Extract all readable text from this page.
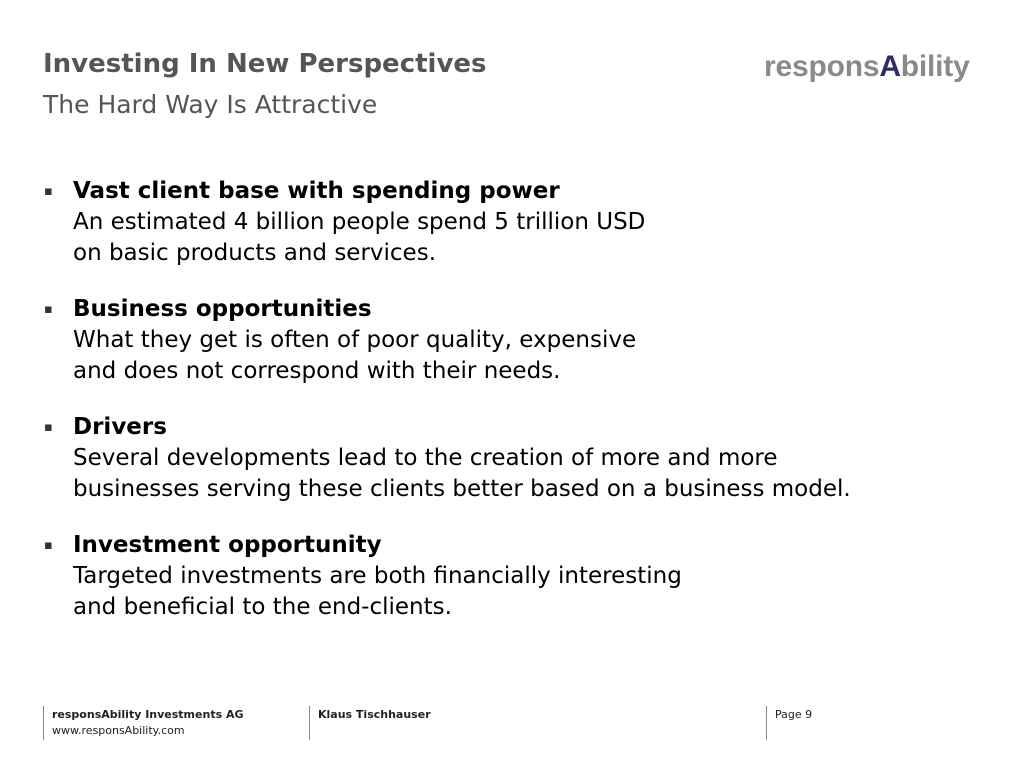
Investing In New Perspectives
The Hard Way Is Attractive
responsAbility
▪ Vast client base with spending power
An estimated 4 billion people spend 5 trillion USD
on basic products and services.
▪ Business opportunities
What they get is often of poor quality, expensive
and does not correspond with their needs.
▪ Drivers
Several developments lead to the creation of more and more
businesses serving these clients better based on a business model.
▪ Investment opportunity
Targeted investments are both financially interesting
and beneficial to the end-clients.
responsAbility Investments AG
www.responsAbility.com
Klaus Tischhauser	Page 9
